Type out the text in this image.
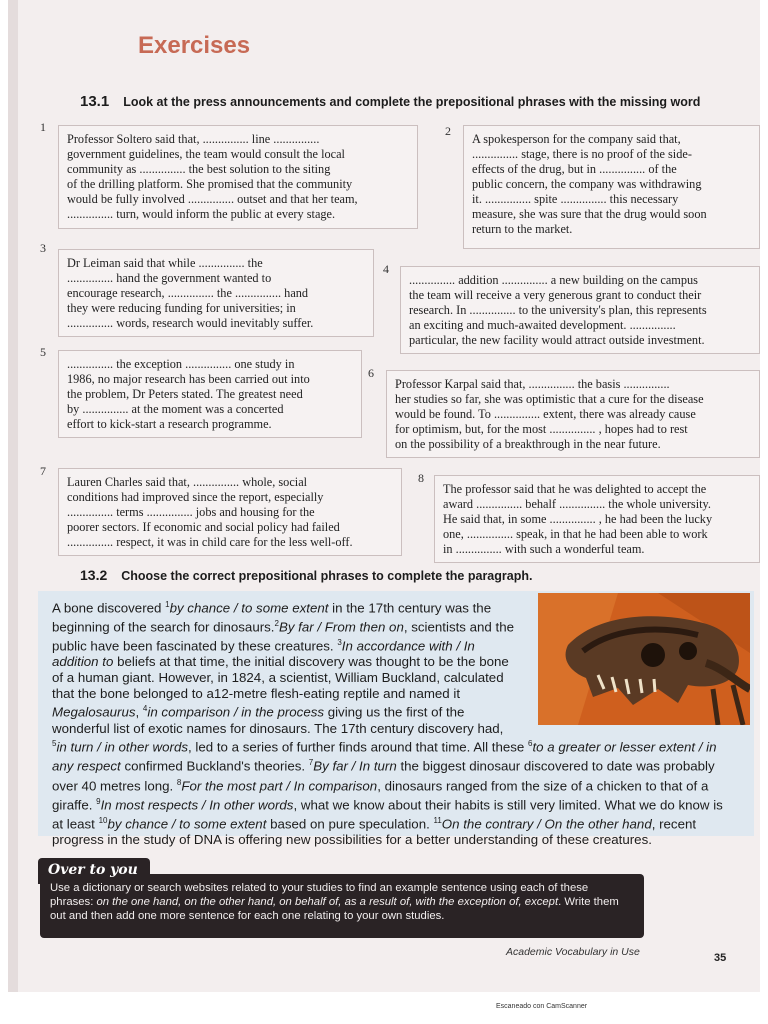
Exercises
13.1 Look at the press announcements and complete the prepositional phrases with the missing word
1	2
3
4
5
6
7	8

Professor Soltero said that, ............... line ...............

government guidelines, the team would consult the local

community as ............... the best solution to the siting

of the drilling platform. She promised that the community

would be fully involved ............... outset and that her team,

............... turn, would inform the public at every stage.

A spokesperson for the company said that,

............... stage, there is no proof of the side-

effects of the drug, but in ............... of the

public concern, the company was withdrawing

it. ............... spite ............... this necessary

measure, she was sure that the drug would soon

return to the market.

Dr Leiman said that while ............... the

............... hand the government wanted to

encourage research, ............... the ............... hand

they were reducing funding for universities; in

............... words, research would inevitably suffer.

............... addition ............... a new building on the campus

the team will receive a very generous grant to conduct their

research. In ............... to the university's plan, this represents

an exciting and much-awaited development. ...............

particular, the new facility would attract outside investment.

............... the exception ............... one study in

1986, no major research has been carried out into

the problem, Dr Peters stated. The greatest need

by ............... at the moment was a concerted

effort to kick-start a research programme.

Professor Karpal said that, ............... the basis ...............

her studies so far, she was optimistic that a cure for the disease

would be found. To ............... extent, there was already cause

for optimism, but, for the most ............... , hopes had to rest

on the possibility of a breakthrough in the near future.

Lauren Charles said that, ............... whole, social

conditions had improved since the report, especially

............... terms ............... jobs and housing for the

poorer sectors. If economic and social policy had failed

............... respect, it was in child care for the less well-off.

The professor said that he was delighted to accept the

award ............... behalf ............... the whole university.

He said that, in some ............... , he had been the lucky

one, ............... speak, in that he had been able to work

in ............... with such a wonderful team.

13.2 Choose the correct prepositional phrases to complete the paragraph.

A bone discovered $^1$by chance / to some extent in the 17th century was the beginning of the search for dinosaurs.$^2$By far / From then on, scientists and the public have been fascinated by these creatures. $^3$In accordance with / In addition to beliefs at that time, the initial discovery was thought to be the bone of a human giant. However, in 1824, a scientist, William Buckland, calculated that the bone belonged to a12-metre flesh-eating reptile and named it Megalosaurus, $^4$in comparison / in the process giving us the first of the wonderful list of exotic names for dinosaurs. The 17th century discovery had, $^5$in turn / in other words, led to a series of further finds around that time. All these $^6$to a greater or lesser extent / in any respect confirmed Buckland's theories. $^7$By far / In turn the biggest dinosaur discovered to date was probably over 40 metres long. $^8$For the most part / In comparison, dinosaurs ranged from the size of a chicken to that of a giraffe. $^9$In most respects / In other words, what we know about their habits is still very limited. What we do know is at least $^{10}$by chance / to some extent based on pure speculation. $^{11}$On the contrary / On the other hand, recent progress in the study of DNA is offering new possibilities for a better understanding of these creatures.

Over to you
Use a dictionary or search websites related to your studies to find an example sentence using each of these phrases: on the one hand, on the other hand, on behalf of, as a result of, with the exception of, except. Write them out and then add one more sentence for each one relating to your own studies.
Academic Vocabulary in Use	35
Escaneado con CamScanner
